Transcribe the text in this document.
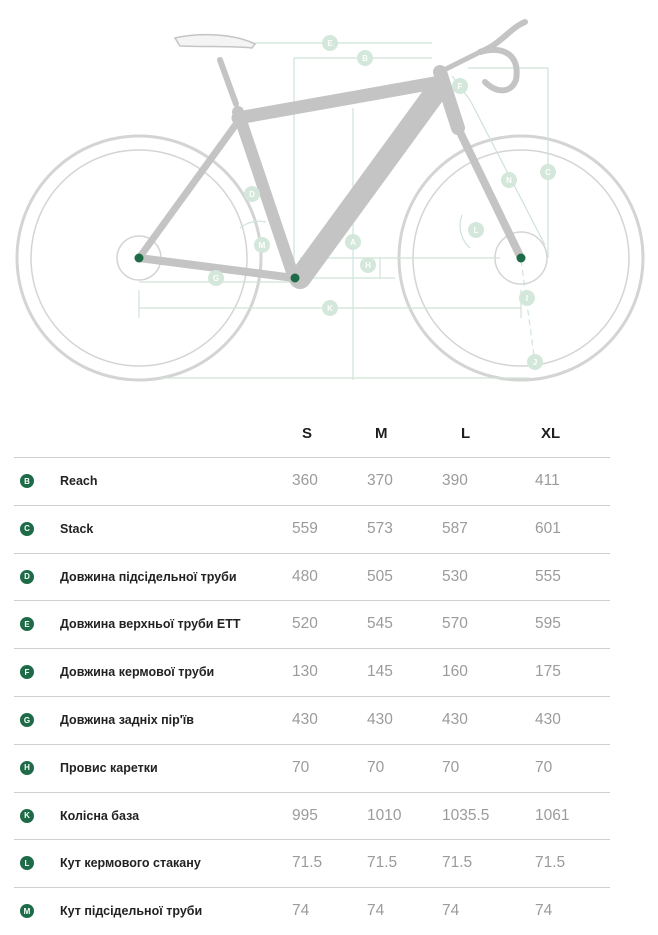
E
B
F
C
N
D
M	A
L
H
G
K
I
J
S	M	L	XL
B	Reach	360	370	390	411
C	Stack	559	573	587	601
D	Довжина підсідельної труби	480	505	530	555
E	Довжина верхньої труби ETT	520	545	570	595
F	Довжина кермової труби	130	145	160	175
G	Довжина задніх пір'їв	430	430	430	430
H	Провис каретки	70	70	70	70
K	Колісна база	995	1010	1035.5	1061
L	Кут кермового стакану	71.5	71.5	71.5	71.5
M Кут підсідельної труби	74	74	74	74
